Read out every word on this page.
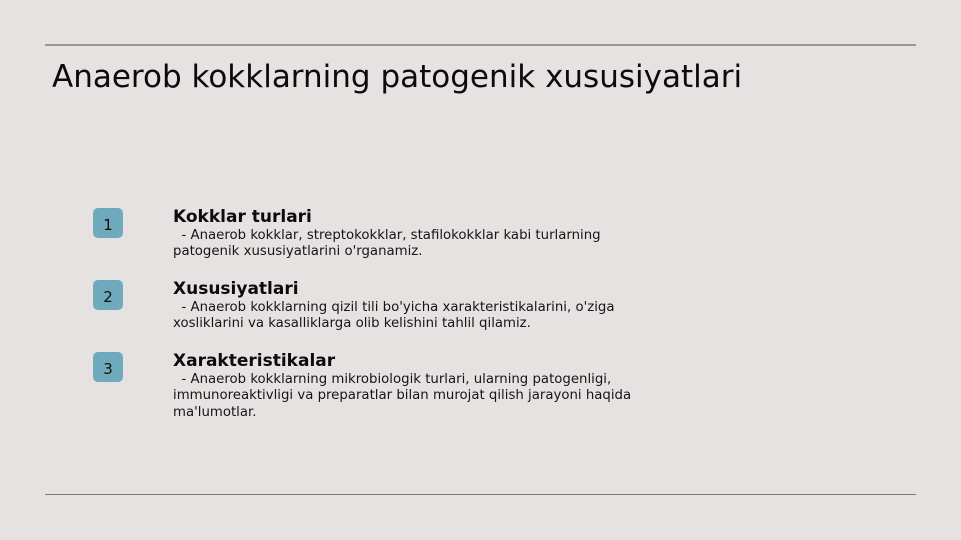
Anaerob kokklarning patogenik xususiyatlari
1	Kokklar turlari

- Anaerob kokklar, streptokokklar, stafilokokklar kabi turlarning
patogenik xususiyatlarini o'rganamiz.

2	Xususiyatlari

- Anaerob kokklarning qizil tili bo'yicha xarakteristikalarini, o'ziga
xosliklarini va kasalliklarga olib kelishini tahlil qilamiz.

3	Xarakteristikalar

- Anaerob kokklarning mikrobiologik turlari, ularning patogenligi,
immunoreaktivligi va preparatlar bilan murojat qilish jarayoni haqida
ma'lumotlar.
